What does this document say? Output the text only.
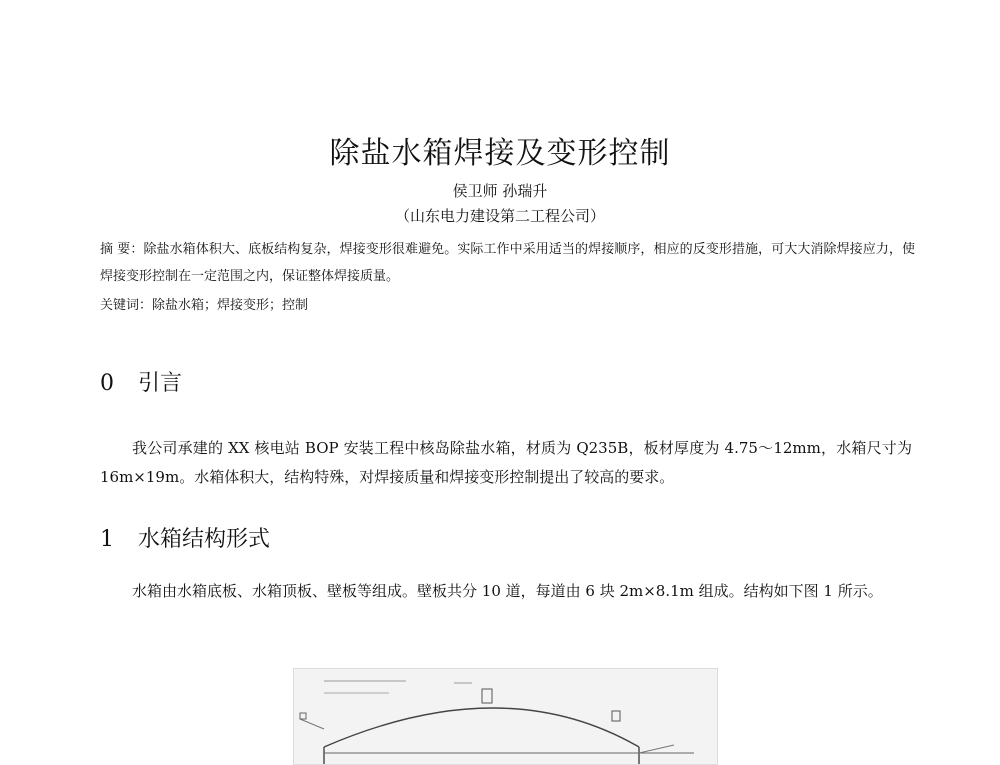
除盐水箱焊接及变形控制
侯卫师 孙瑞升
（山东电力建设第二工程公司）
摘 要：除盐水箱体积大、底板结构复杂，焊接变形很难避免。实际工作中采用适当的焊接顺序，相应的反变形措施，可大大消除焊接应力，使焊接变形控制在一定范围之内，保证整体焊接质量。
关键词：除盐水箱；焊接变形；控制
0 引言
我公司承建的 XX 核电站 BOP 安装工程中核岛除盐水箱，材质为 Q235B，板材厚度为 4.75～12mm，水箱尺寸为 16m×19m。水箱体积大，结构特殊，对焊接质量和焊接变形控制提出了较高的要求。
1 水箱结构形式
水箱由水箱底板、水箱顶板、壁板等组成。壁板共分 10 道，每道由 6 块 2m×8.1m 组成。结构如下图 1 所示。
